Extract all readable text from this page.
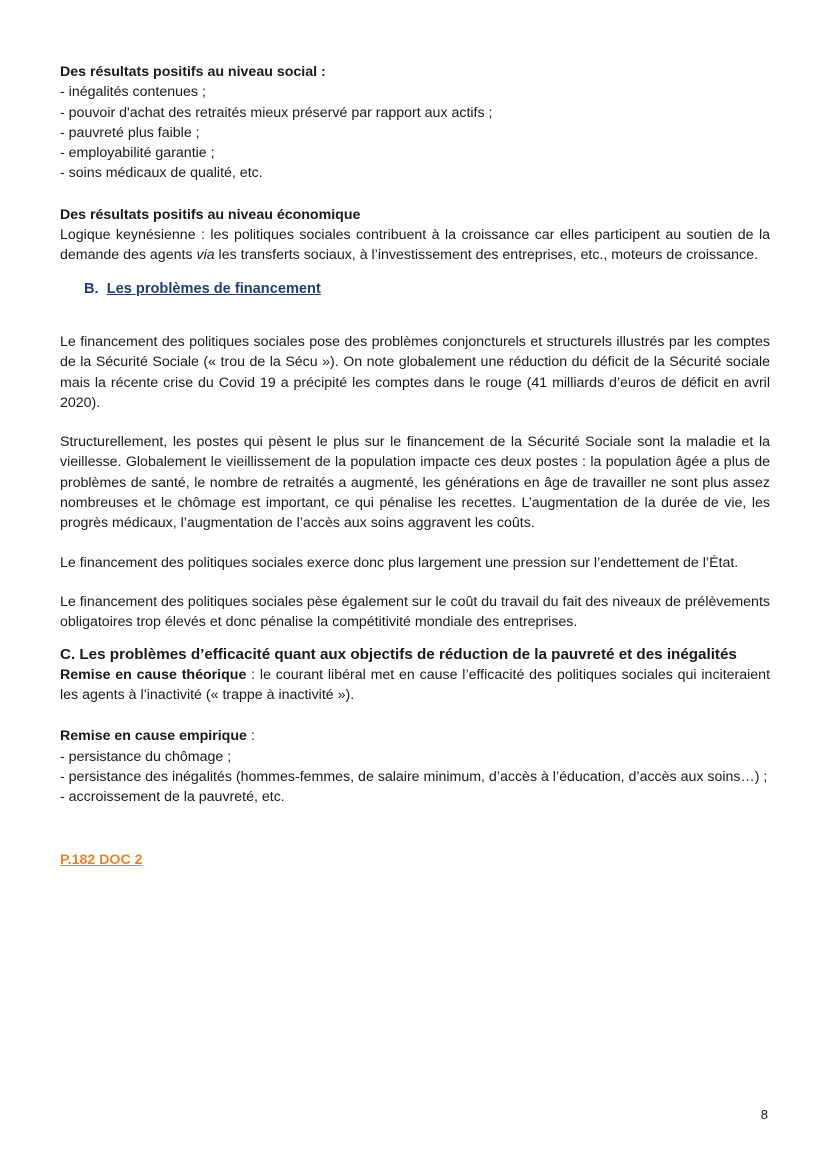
Des résultats positifs au niveau social :

- inégalités contenues ;

- pouvoir d'achat des retraités mieux préservé par rapport aux actifs ;

- pauvreté plus faible ;

- employabilité garantie ;

- soins médicaux de qualité, etc.

Des résultats positifs au niveau économique

Logique keynésienne : les politiques sociales contribuent à la croissance car elles participent au soutien de la demande des agents via les transferts sociaux, à l’investissement des entreprises, etc., moteurs de croissance.

B. Les problèmes de financement

Le financement des politiques sociales pose des problèmes conjoncturels et structurels illustrés par les comptes de la Sécurité Sociale (« trou de la Sécu »). On note globalement une réduction du déficit de la Sécurité sociale mais la récente crise du Covid 19 a précipité les comptes dans le rouge (41 milliards d’euros de déficit en avril 2020).

Structurellement, les postes qui pèsent le plus sur le financement de la Sécurité Sociale sont la maladie et la vieillesse. Globalement le vieillissement de la population impacte ces deux postes : la population âgée a plus de problèmes de santé, le nombre de retraités a augmenté, les générations en âge de travailler ne sont plus assez nombreuses et le chômage est important, ce qui pénalise les recettes. L’augmentation de la durée de vie, les progrès médicaux, l’augmentation de l’accès aux soins aggravent les coûts.

Le financement des politiques sociales exerce donc plus largement une pression sur l’endettement de l’État.

Le financement des politiques sociales pèse également sur le coût du travail du fait des niveaux de prélèvements obligatoires trop élevés et donc pénalise la compétitivité mondiale des entreprises.

C. Les problèmes d’efficacité quant aux objectifs de réduction de la pauvreté et des inégalités

Remise en cause théorique : le courant libéral met en cause l’efficacité des politiques sociales qui inciteraient les agents à l’inactivité (« trappe à inactivité »).

Remise en cause empirique :

- persistance du chômage ;

- persistance des inégalités (hommes-femmes, de salaire minimum, d’accès à l’éducation, d’accès aux soins…) ;

- accroissement de la pauvreté, etc.

P.182 DOC 2
8
